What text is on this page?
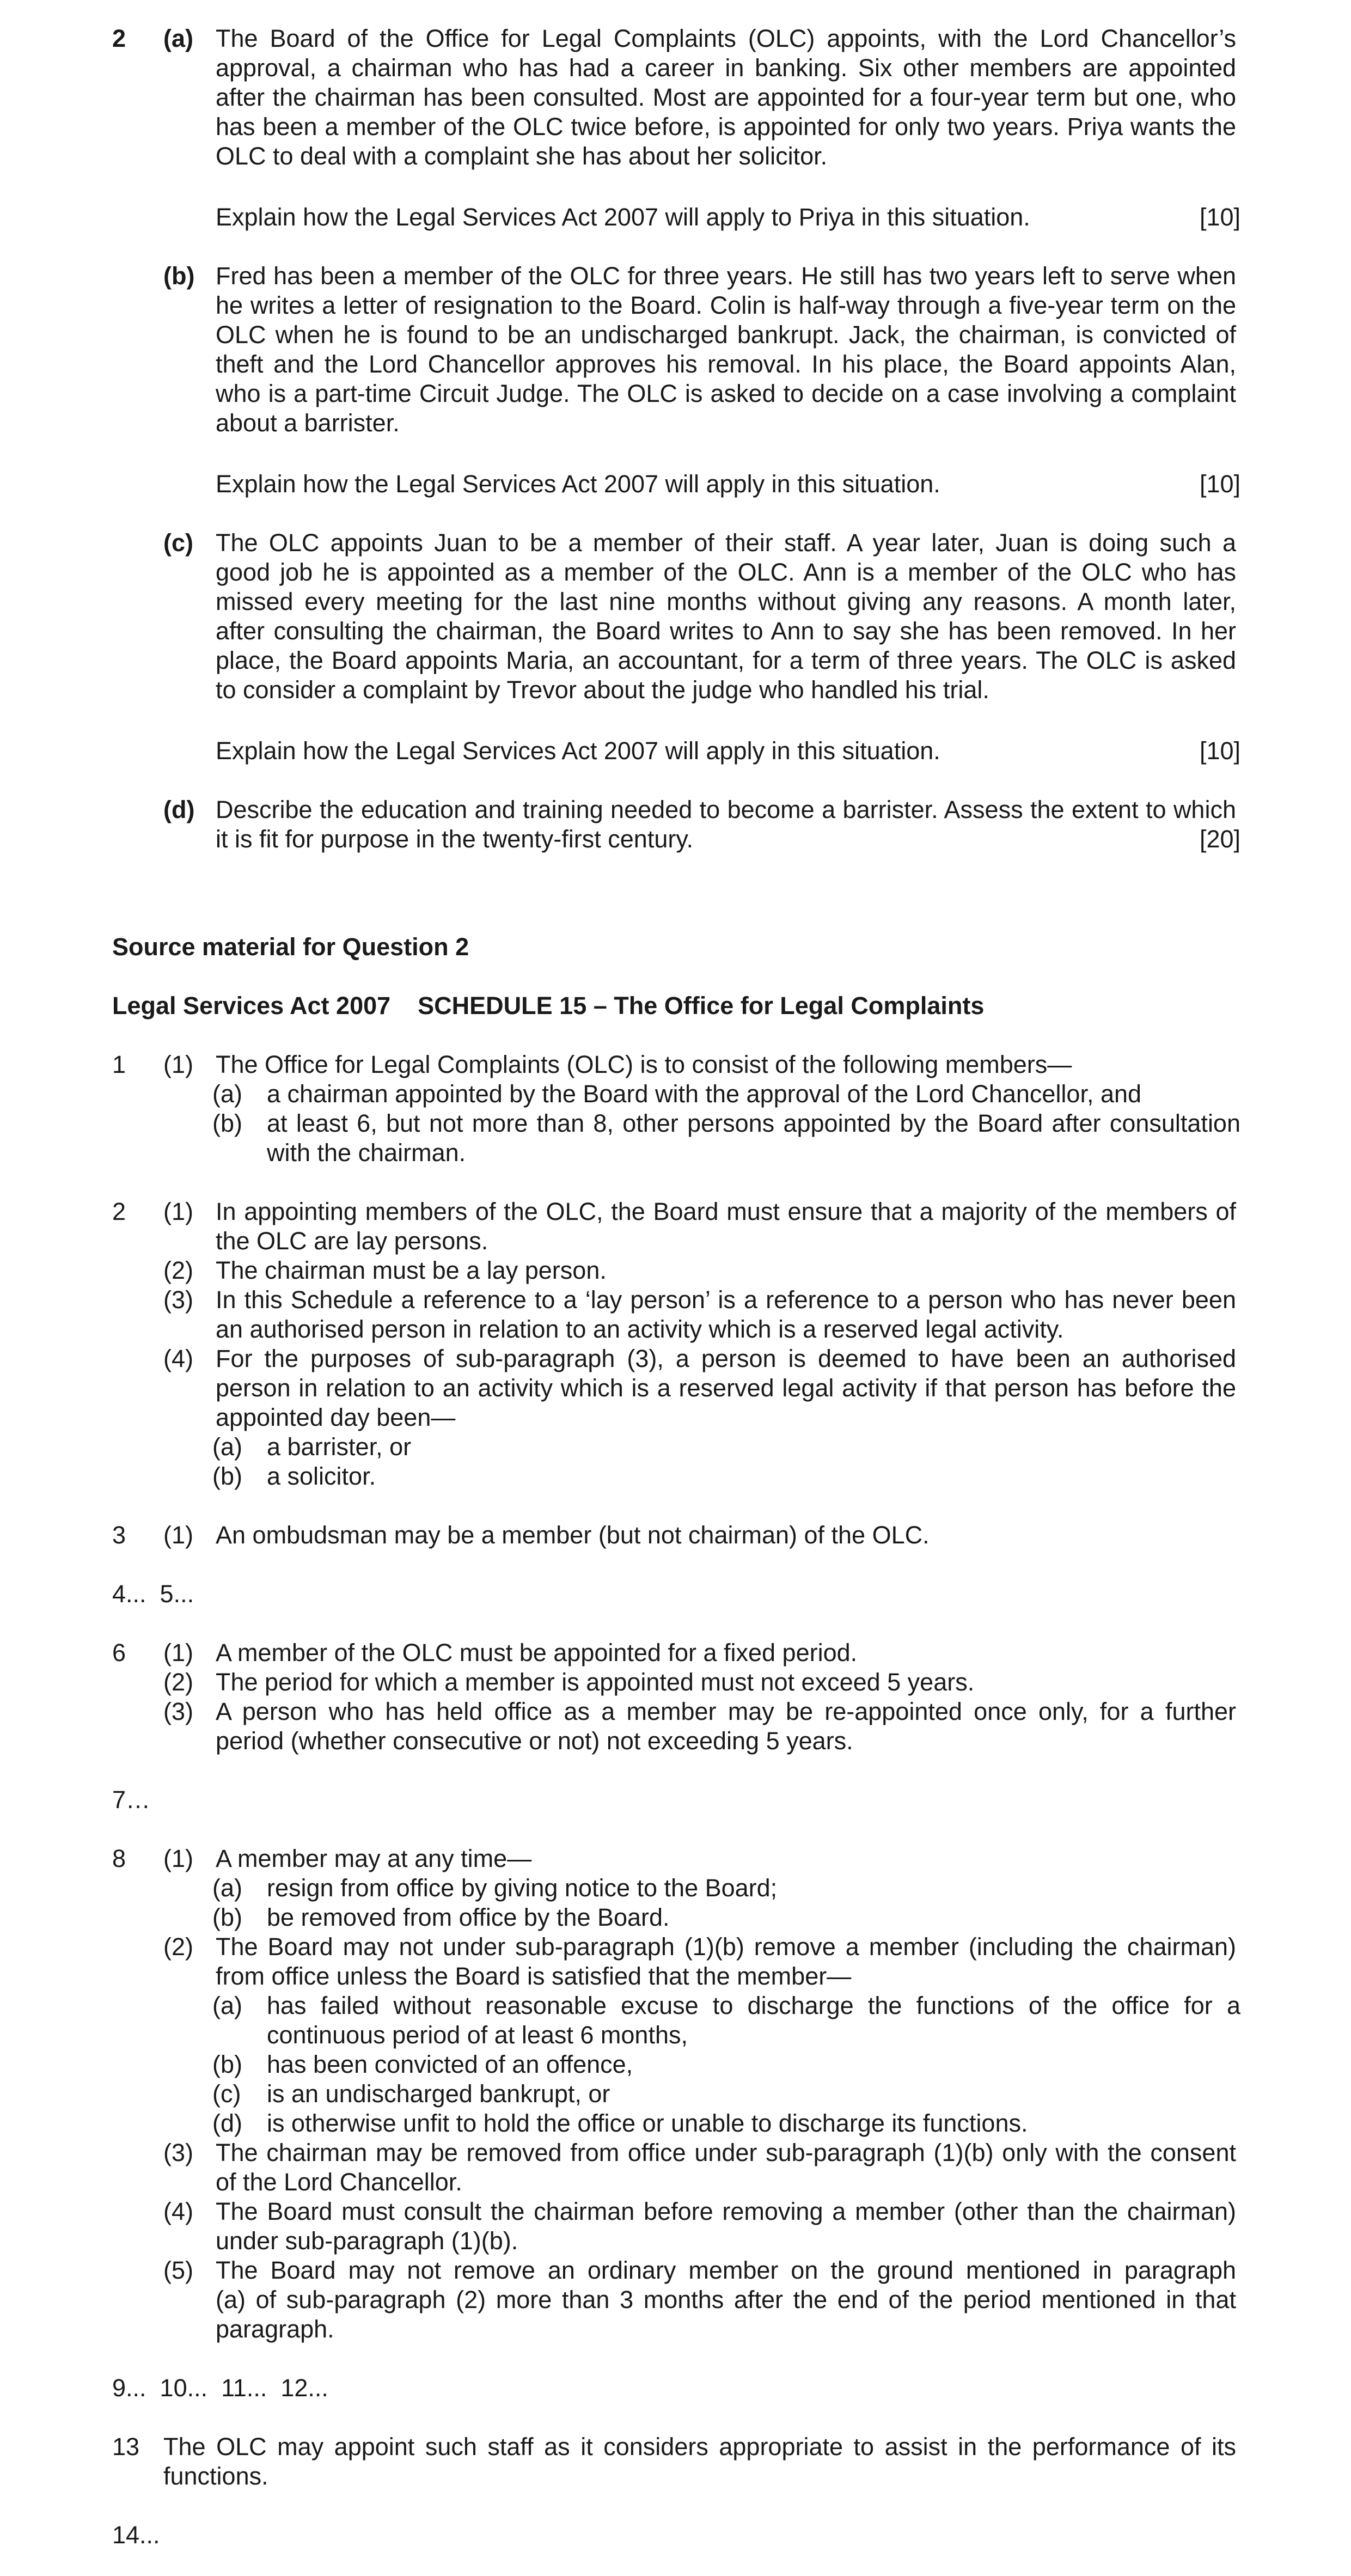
2 (a) The Board of the Office for Legal Complaints (OLC) appoints, with the Lord Chancellor’s
approval, a chairman who has had a career in banking. Six other members are appointed
after the chairman has been consulted. Most are appointed for a four-year term but one, who
has been a member of the OLC twice before, is appointed for only two years. Priya wants the
OLC to deal with a complaint she has about her solicitor.
Explain how the Legal Services Act 2007 will apply to Priya in this situation.	[10]
(b) Fred has been a member of the OLC for three years. He still has two years left to serve when
he writes a letter of resignation to the Board. Colin is half-way through a five-year term on the
OLC when he is found to be an undischarged bankrupt. Jack, the chairman, is convicted of
theft and the Lord Chancellor approves his removal. In his place, the Board appoints Alan,
who is a part-time Circuit Judge. The OLC is asked to decide on a case involving a complaint
about a barrister.
Explain how the Legal Services Act 2007 will apply in this situation.	[10]
(c) The OLC appoints Juan to be a member of their staff. A year later, Juan is doing such a
good job he is appointed as a member of the OLC. Ann is a member of the OLC who has
missed every meeting for the last nine months without giving any reasons. A month later,
after consulting the chairman, the Board writes to Ann to say she has been removed. In her
place, the Board appoints Maria, an accountant, for a term of three years. The OLC is asked
to consider a complaint by Trevor about the judge who handled his trial.
Explain how the Legal Services Act 2007 will apply in this situation.	[10]
(d) Describe the education and training needed to become a barrister. Assess the extent to which
it is fit for purpose in the twenty-first century.	[20]
Source material for Question 2
Legal Services Act 2007    SCHEDULE 15 – The Office for Legal Complaints
1 (1) The Office for Legal Complaints (OLC) is to consist of the following members—
(a) a chairman appointed by the Board with the approval of the Lord Chancellor, and
(b) at least 6, but not more than 8, other persons appointed by the Board after consultation
with the chairman.
2 (1) In appointing members of the OLC, the Board must ensure that a majority of the members of
the OLC are lay persons.
(2) The chairman must be a lay person.
(3) In this Schedule a reference to a ‘lay person’ is a reference to a person who has never been
an authorised person in relation to an activity which is a reserved legal activity.
(4) For the purposes of sub-paragraph (3), a person is deemed to have been an authorised
person in relation to an activity which is a reserved legal activity if that person has before the
appointed day been—
(a) a barrister, or
(b) a solicitor.
3 (1) An ombudsman may be a member (but not chairman) of the OLC.
4...  5...
6 (1) A member of the OLC must be appointed for a fixed period.
(2) The period for which a member is appointed must not exceed 5 years.
(3) A person who has held office as a member may be re-appointed once only, for a further
period (whether consecutive or not) not exceeding 5 years.
7…
8 (1) A member may at any time—
(a) resign from office by giving notice to the Board;
(b) be removed from office by the Board.
(2) The Board may not under sub-paragraph (1)(b) remove a member (including the chairman)
from office unless the Board is satisfied that the member—
(a) has failed without reasonable excuse to discharge the functions of the office for a
continuous period of at least 6 months,
(b) has been convicted of an offence,
(c) is an undischarged bankrupt, or
(d) is otherwise unfit to hold the office or unable to discharge its functions.
(3) The chairman may be removed from office under sub-paragraph (1)(b) only with the consent
of the Lord Chancellor.
(4) The Board must consult the chairman before removing a member (other than the chairman)
under sub-paragraph (1)(b).
(5) The Board may not remove an ordinary member on the ground mentioned in paragraph
(a) of sub-paragraph (2) more than 3 months after the end of the period mentioned in that
paragraph.
9...  10...  11...  12...
13 The OLC may appoint such staff as it considers appropriate to assist in the performance of its
functions.
14...
